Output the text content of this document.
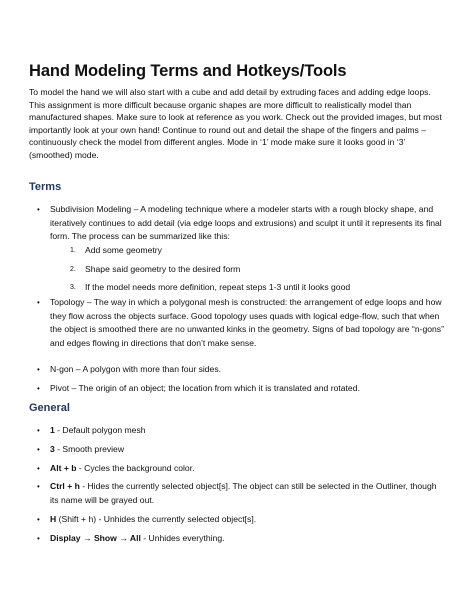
Hand Modeling Terms and Hotkeys/Tools

To model the hand we will also start with a cube and add detail by extruding faces and adding edge loops. This assignment is more difficult because organic shapes are more difficult to realistically model than manufactured shapes. Make sure to look at reference as you work. Check out the provided images, but most importantly look at your own hand! Continue to round out and detail the shape of the fingers and palms – continuously check the model from different angles. Mode in ‘1’ mode make sure it looks good in ‘3’ (smoothed) mode.

Terms

• Subdivision Modeling – A modeling technique where a modeler starts with a rough blocky shape, and iteratively continues to add detail (via edge loops and extrusions) and sculpt it until it represents its final form. The process can be summarized like this:

1. Add some geometry

2. Shape said geometry to the desired form

3. If the model needs more definition, repeat steps 1-3 until it looks good

• Topology – The way in which a polygonal mesh is constructed: the arrangement of edge loops and how they flow across the objects surface. Good topology uses quads with logical edge-flow, such that when the object is smoothed there are no unwanted kinks in the geometry. Signs of bad topology are “n-gons” and edges flowing in directions that don’t make sense.

• N-gon – A polygon with more than four sides.

• Pivot – The origin of an object; the location from which it is translated and rotated.

General

• 1 - Default polygon mesh

• 3 - Smooth preview

• Alt + b - Cycles the background color.

• Ctrl + h - Hides the currently selected object[s]. The object can still be selected in the Outliner, though its name will be grayed out.

• H (Shift + h) - Unhides the currently selected object[s].

• Display → Show → All - Unhides everything.
